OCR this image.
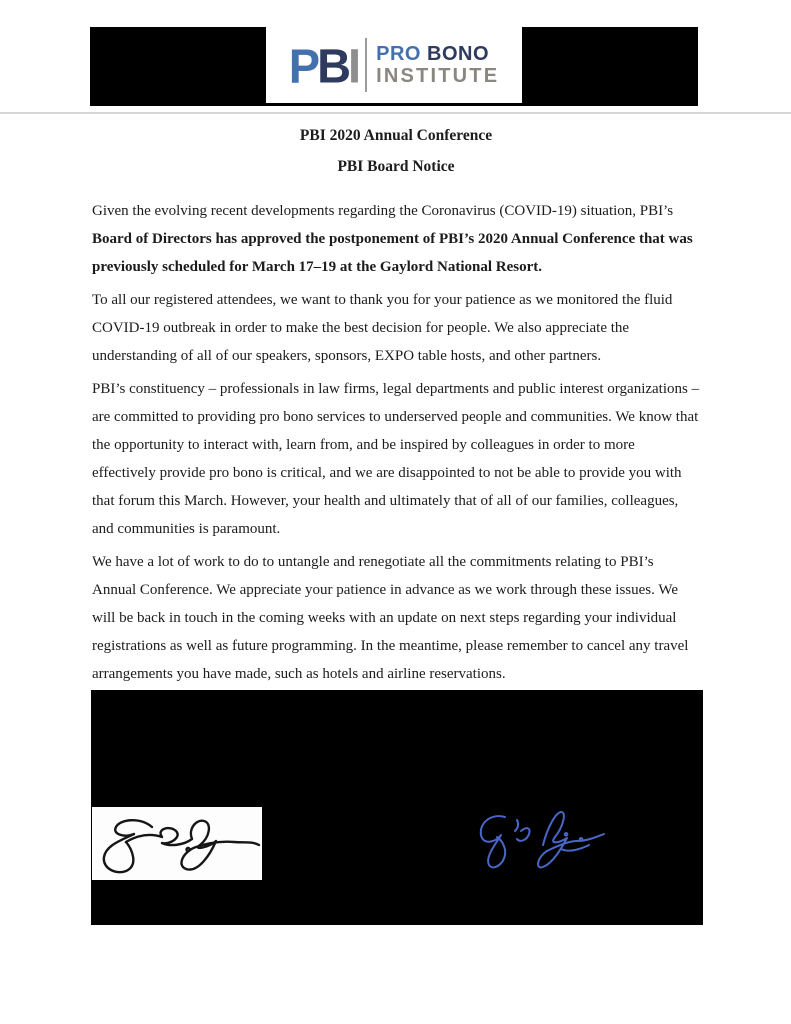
PBI PRO BONO
INSTITUTE
PBI 2020 Annual Conference
PBI Board Notice

Given the evolving recent developments regarding the Coronavirus (COVID-19) situation, PBI’s Board of Directors has approved the postponement of PBI’s 2020 Annual Conference that was previously scheduled for March 17–19 at the Gaylord National Resort.

To all our registered attendees, we want to thank you for your patience as we monitored the fluid COVID-19 outbreak in order to make the best decision for people. We also appreciate the understanding of all of our speakers, sponsors, EXPO table hosts, and other partners.

PBI’s constituency – professionals in law firms, legal departments and public interest organizations – are committed to providing pro bono services to underserved people and communities. We know that the opportunity to interact with, learn from, and be inspired by colleagues in order to more effectively provide pro bono is critical, and we are disappointed to not be able to provide you with that forum this March. However, your health and ultimately that of all of our families, colleagues, and communities is paramount.

We have a lot of work to do to untangle and renegotiate all the commitments relating to PBI’s Annual Conference. We appreciate your patience in advance as we work through these issues. We will be back in touch in the coming weeks with an update on next steps regarding your individual registrations as well as future programming. In the meantime, please remember to cancel any travel arrangements you have made, such as hotels and airline reservations.
